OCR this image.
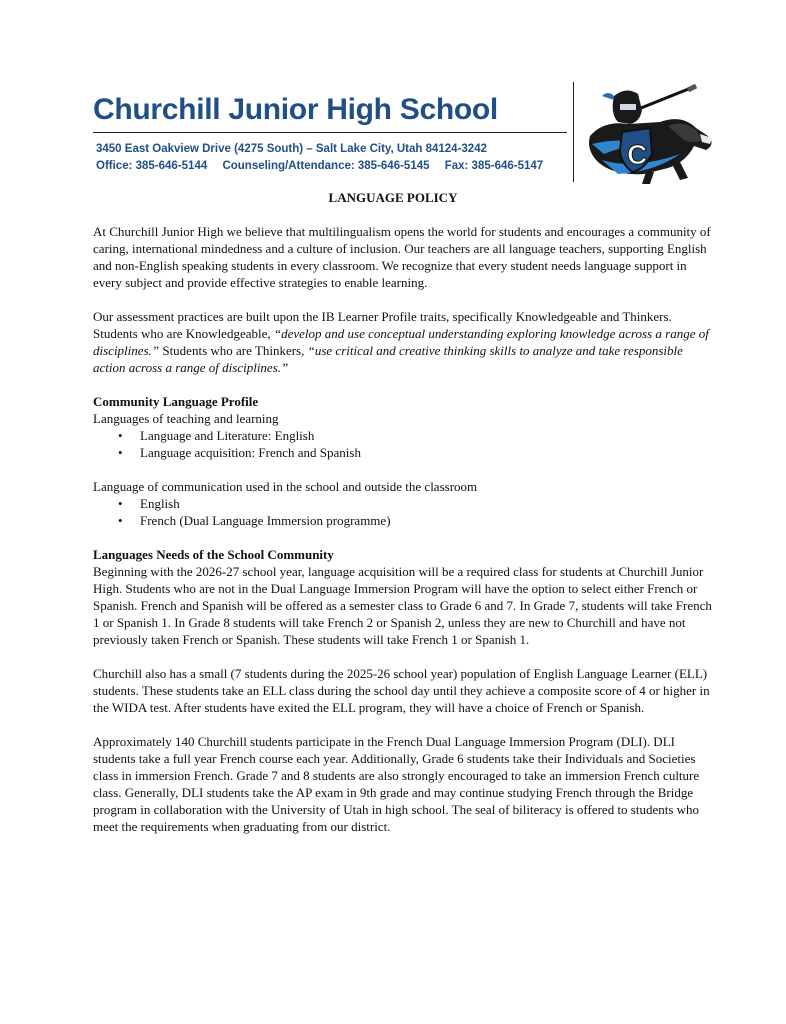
Churchill Junior High School

3450 East Oakview Drive (4275 South) – Salt Lake City, Utah 84124-3242

Office: 385-646-5144 Counseling/Attendance: 385-646-5145 Fax: 385-646-5147	C
LANGUAGE POLICY

At Churchill Junior High we believe that multilingualism opens the world for students and encourages a community of caring, international mindedness and a culture of inclusion. Our teachers are all language teachers, supporting English and non-English speaking students in every classroom. We recognize that every student needs language support in every subject and provide effective strategies to enable learning.

Our assessment practices are built upon the IB Learner Profile traits, specifically Knowledgeable and Thinkers. Students who are Knowledgeable, “develop and use conceptual understanding exploring knowledge across a range of disciplines.” Students who are Thinkers, “use critical and creative thinking skills to analyze and take responsible action across a range of disciplines.”

Community Language Profile

Languages of teaching and learning

• Language and Literature: English
• Language acquisition: French and Spanish

Language of communication used in the school and outside the classroom

• English
• French (Dual Language Immersion programme)
Languages Needs of the School Community

Beginning with the 2026-27 school year, language acquisition will be a required class for students at Churchill Junior High. Students who are not in the Dual Language Immersion Program will have the option to select either French or Spanish. French and Spanish will be offered as a semester class to Grade 6 and 7. In Grade 7, students will take French 1 or Spanish 1. In Grade 8 students will take French 2 or Spanish 2, unless they are new to Churchill and have not previously taken French or Spanish. These students will take French 1 or Spanish 1.

Churchill also has a small (7 students during the 2025-26 school year) population of English Language Learner (ELL) students. These students take an ELL class during the school day until they achieve a composite score of 4 or higher in the WIDA test. After students have exited the ELL program, they will have a choice of French or Spanish.

Approximately 140 Churchill students participate in the French Dual Language Immersion Program (DLI). DLI students take a full year French course each year. Additionally, Grade 6 students take their Individuals and Societies class in immersion French. Grade 7 and 8 students are also strongly encouraged to take an immersion French culture class. Generally, DLI students take the AP exam in 9th grade and may continue studying French through the Bridge program in collaboration with the University of Utah in high school. The seal of biliteracy is offered to students who meet the requirements when graduating from our district.
